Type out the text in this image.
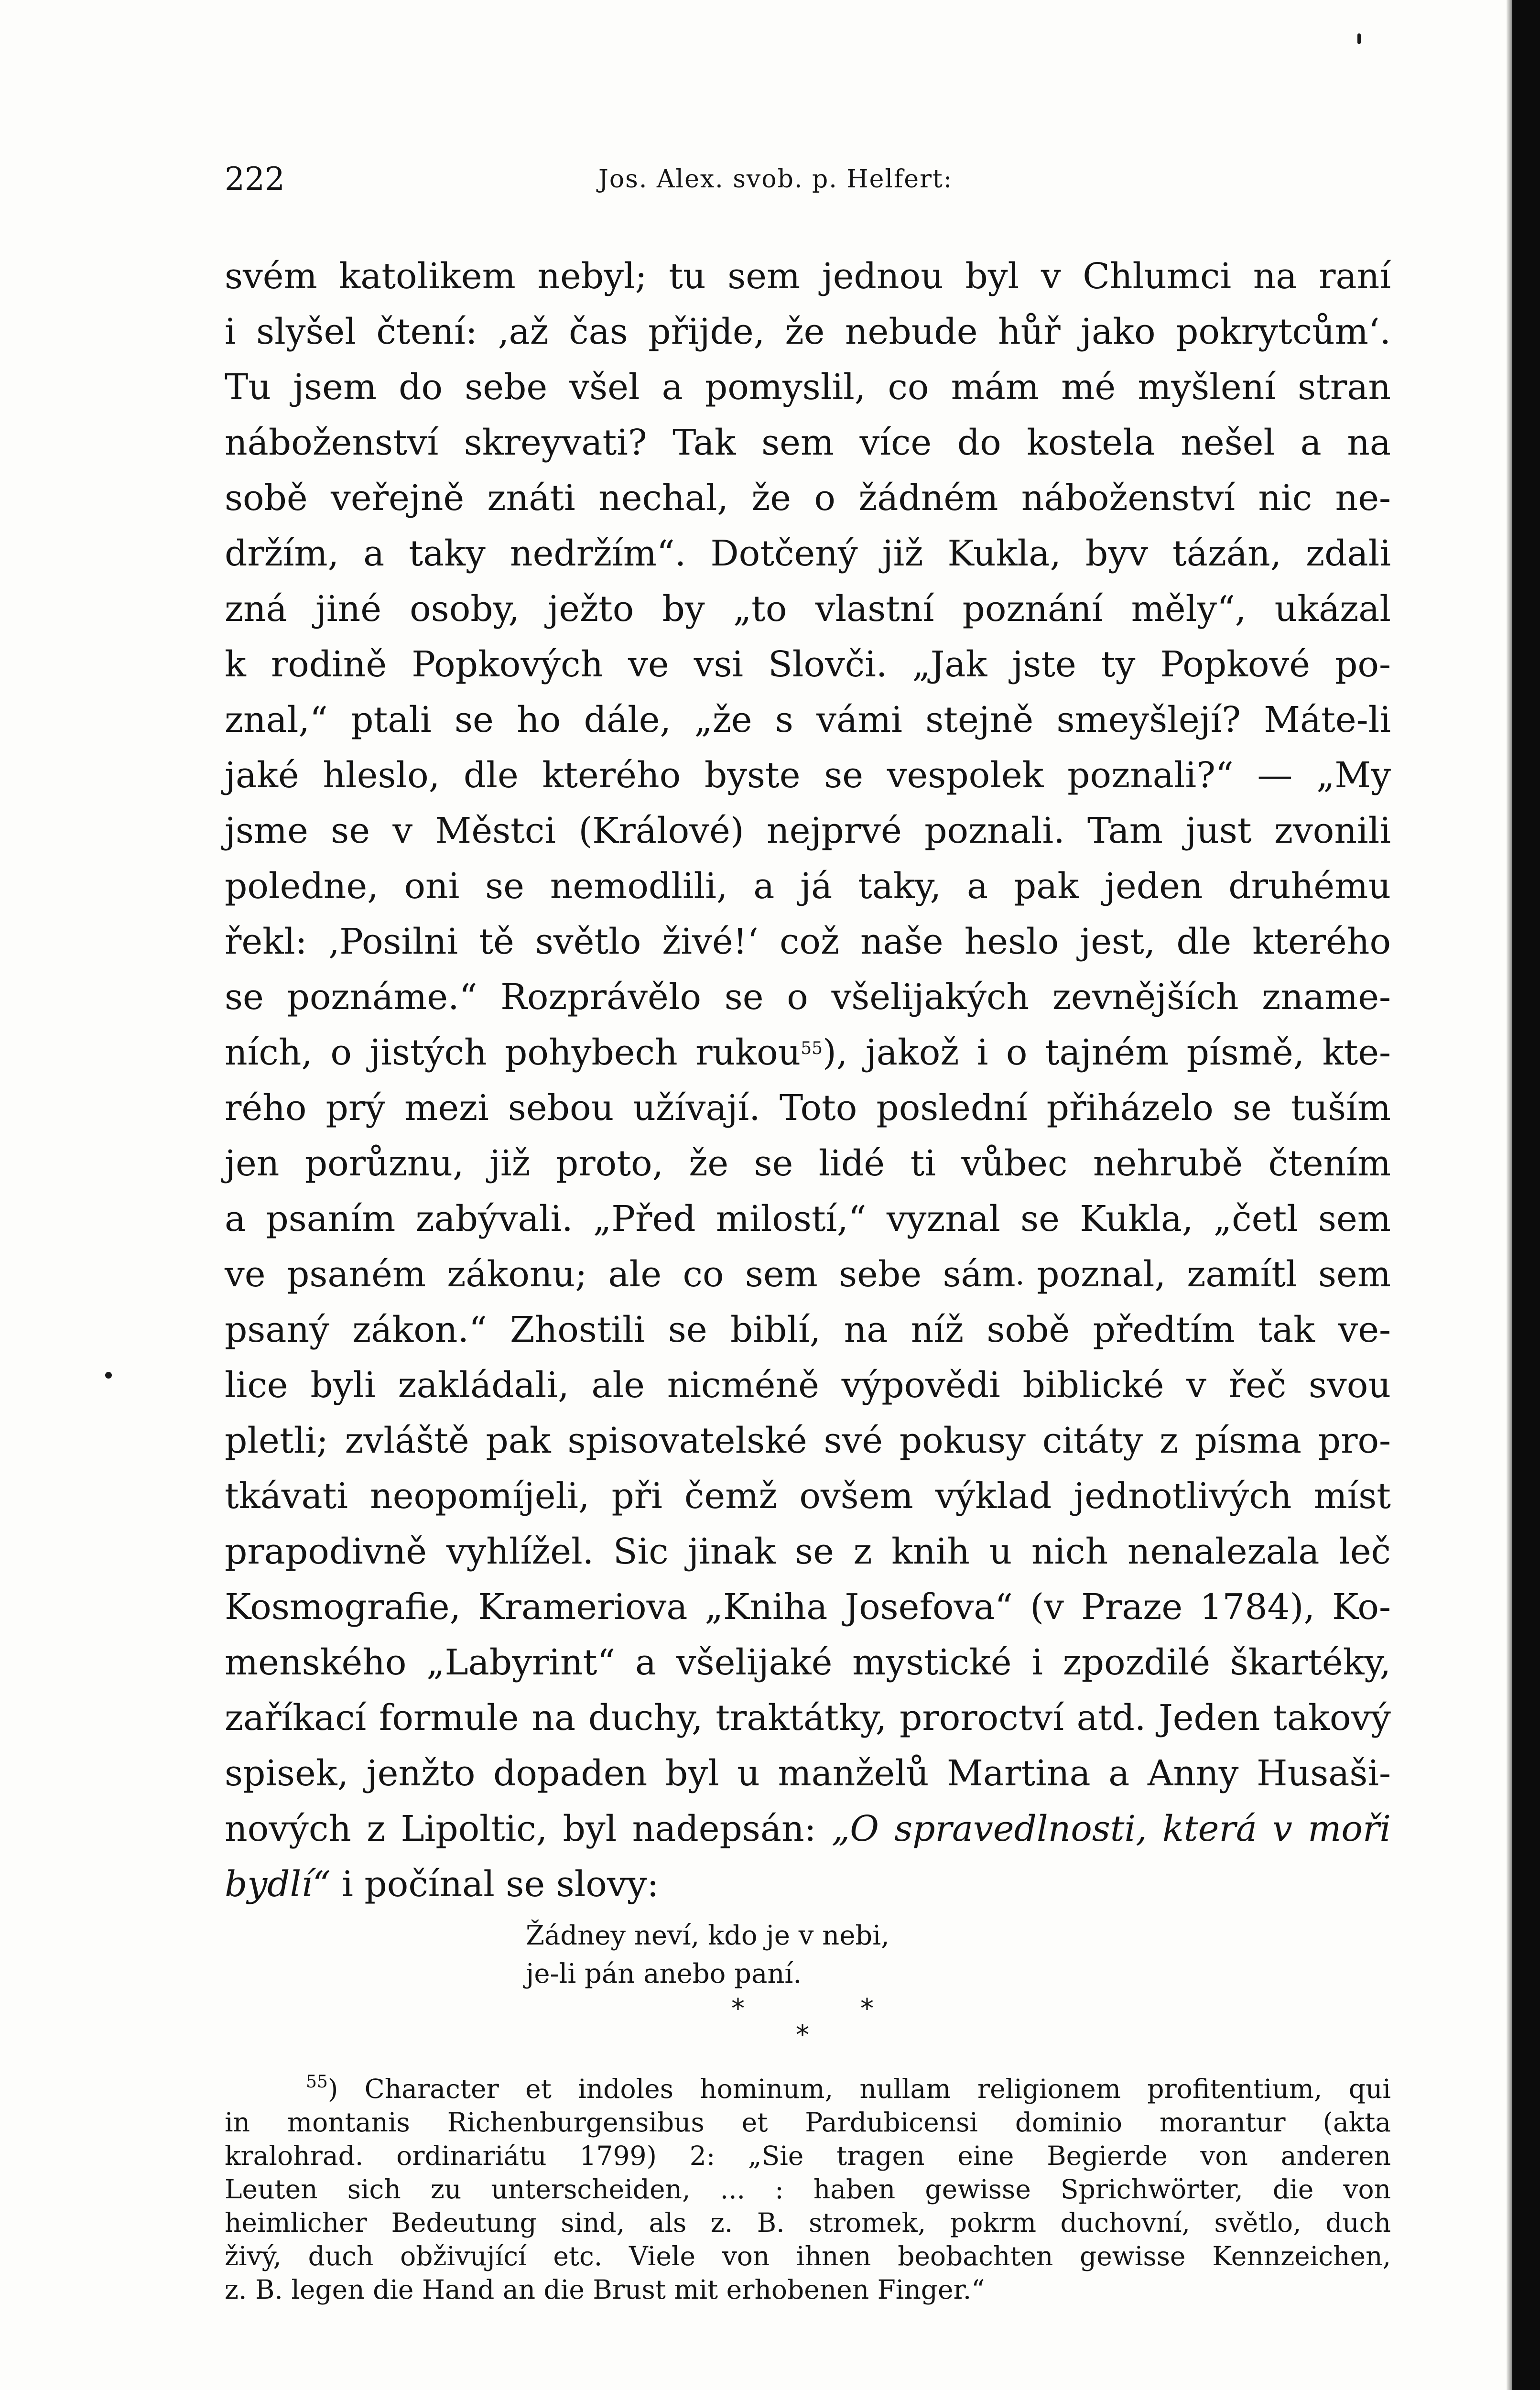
222	Jos. Alex. svob. p. Helfert:
svém katolikem nebyl; tu sem jednou byl v Chlumci na raní
i slyšel čtení: ‚až čas přijde, že nebude hůř jako pokrytcům‘.
Tu jsem do sebe všel a pomyslil, co mám mé myšlení stran
náboženství skreyvati? Tak sem více do kostela nešel a na
sobě veřejně znáti nechal, že o žádném náboženství nic ne-
držím, a taky nedržím“. Dotčený již Kukla, byv tázán, zdali
zná jiné osoby, ježto by „to vlastní poznání měly“, ukázal
k rodině Popkových ve vsi Slovči. „Jak jste ty Popkové po-
znal,“ ptali se ho dále, „že s vámi stejně smeyšlejí? Máte-li
jaké hleslo, dle kterého byste se vespolek poznali?“ — „My
jsme se v Městci (Králové) nejprvé poznali. Tam just zvonili
poledne, oni se nemodlili, a já taky, a pak jeden druhému
řekl: ‚Posilni tě světlo živé!‘ což naše heslo jest, dle kterého
se poznáme.“ Rozprávělo se o všelijakých zevnějších zname-
ních, o jistých pohybech rukou$^{55}$), jakož i o tajném písmě, kte-
rého prý mezi sebou užívají. Toto poslední přiházelo se tuším
jen porůznu, již proto, že se lidé ti vůbec nehrubě čtením
a psaním zabývali. „Před milostí,“ vyznal se Kukla, „četl sem
ve psaném zákonu; ale co sem sebe sám poznal, zamítl sem
psaný zákon.“ Zhostili se biblí, na níž sobě předtím tak ve-
lice byli zakládali, ale nicméně výpovědi biblické v řeč svou
pletli; zvláště pak spisovatelské své pokusy citáty z písma pro-
tkávati neopomíjeli, při čemž ovšem výklad jednotlivých míst
prapodivně vyhlížel. Sic jinak se z knih u nich nenalezala leč
Kosmografie, Krameriova „Kniha Josefova“ (v Praze 1784), Ko-
menského „Labyrint“ a všelijaké mystické i zpozdilé škartéky,
zaříkací formule na duchy, traktátky, proroctví atd. Jeden takový
spisek, jenžto dopaden byl u manželů Martina a Anny Husaši-
nových z Lipoltic, byl nadepsán: „O spravedlnosti, která v moři
bydlí“ i počínal se slovy:
Žádney neví, kdo je v nebi,
je-li pán anebo paní.
*	*
*
$^{55}$) Character et indoles hominum, nullam religionem profitentium, qui
in montanis Richenburgensibus et Pardubicensi dominio morantur (akta
kralohrad. ordinariátu 1799) 2: „Sie tragen eine Begierde von anderen
Leuten sich zu unterscheiden, ... : haben gewisse Sprichwörter, die von
heimlicher Bedeutung sind, als z. B. stromek, pokrm duchovní, světlo, duch
živý, duch obživující etc. Viele von ihnen beobachten gewisse Kennzeichen,
z. B. legen die Hand an die Brust mit erhobenen Finger.“
